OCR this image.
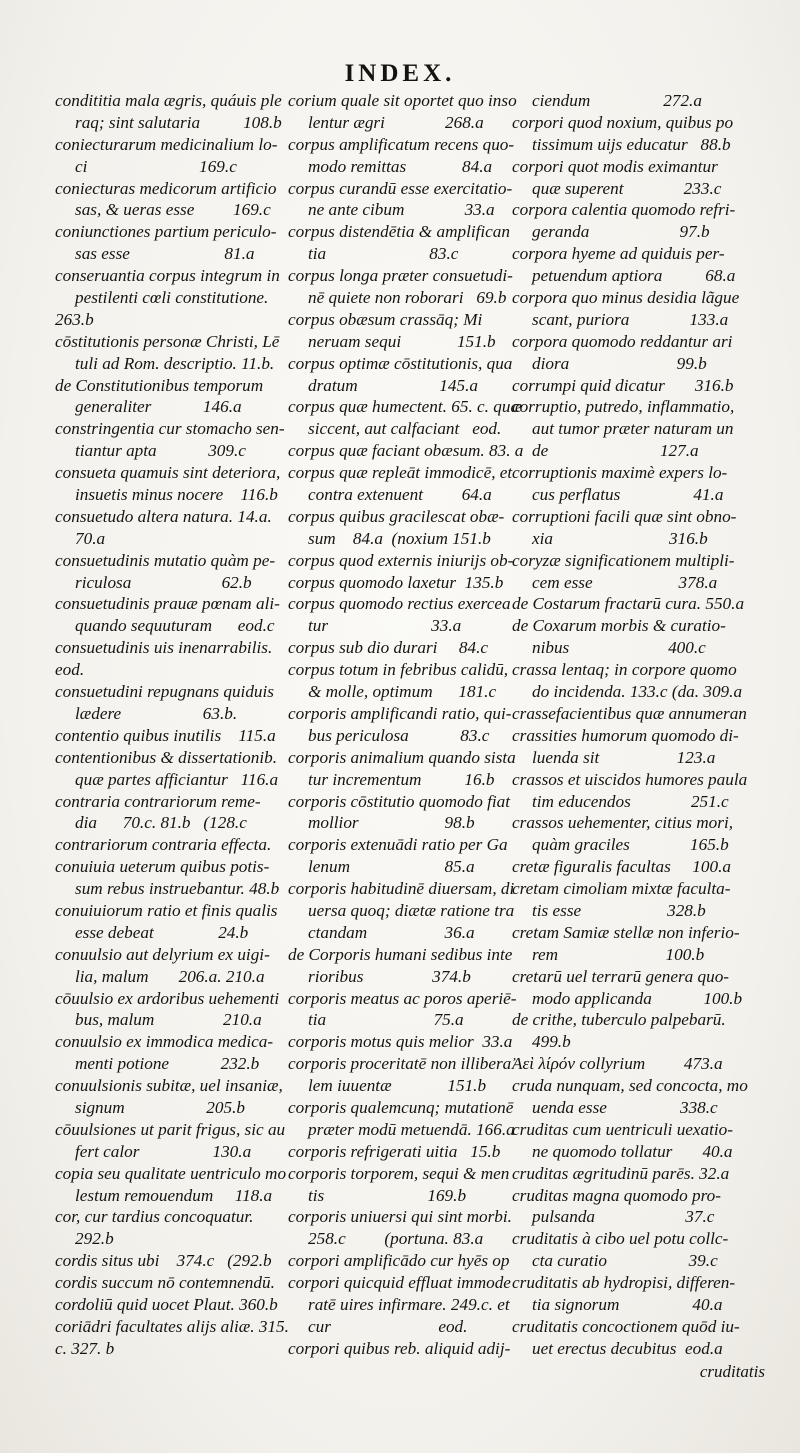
INDEX.
condititia mala ægris, quáuis ple
raq; sint salutaria          108.b
coniecturarum medicinalium lo-
ci                          169.c
coniecturas medicorum artificio
sas, & ueras esse         169.c
coniunctiones partium periculo-
sas esse                      81.a
conseruantia corpus integrum in
pestilenti cœli constitutione.
263.b
cōstitutionis personæ Christi, Lē
tuli ad Rom. descriptio. 11.b.
de Constitutionibus temporum
generaliter            146.a
constringentia cur stomacho sen-
tiantur apta            309.c
consueta quamuis sint deteriora,
insuetis minus nocere    116.b
consuetudo altera natura. 14.a.
70.a
consuetudinis mutatio quàm pe-
riculosa                     62.b
consuetudinis prauæ pœnam ali-
quando sequuturam      eod.c
consuetudinis uis inenarrabilis.
eod.
consuetudini repugnans quiduis
lædere                   63.b.
contentio quibus inutilis    115.a
contentionibus & dissertationib.
quæ partes afficiantur   116.a
contraria contrariorum reme-
dia      70.c. 81.b   (128.c
contrariorum contraria effecta.
conuiuia ueterum quibus potis-
sum rebus instruebantur. 48.b
conuiuiorum ratio et finis qualis
esse debeat               24.b
conuulsio aut delyrium ex uigi-
lia, malum       206.a. 210.a
cōuulsio ex ardoribus uehementi
bus, malum                210.a
conuulsio ex immodica medica-
menti potione            232.b
conuulsionis subitæ, uel insaniæ,
signum                   205.b
cōuulsiones ut parit frigus, sic au
fert calor                 130.a
copia seu qualitate uentriculo mo
lestum remouendum     118.a
cor, cur tardius concoquatur.
292.b
cordis situs ubi    374.c   (292.b
cordis succum nō contemnendū.
cordoliū quid uocet Plaut. 360.b
coriādri facultates alijs aliæ. 315.
c. 327. b
corium quale sit oportet quo inso
lentur ægri              268.a
corpus amplificatum recens quo-
modo remittas             84.a
corpus curandū esse exercitatio-
ne ante cibum              33.a
corpus distendētia & amplifican
tia                        83.c
corpus longa præter consuetudi-
nē quiete non roborari   69.b
corpus obæsum crassāq; Mi
neruam sequi             151.b
corpus optimæ cōstitutionis, qua
dratum                   145.a
corpus quæ humectent. 65. c. quæ
siccent, aut calfaciant   eod.
corpus quæ faciant obæsum. 83. a
corpus quæ repleāt immodicē, et
contra extenuent         64.a
corpus quibus gracilescat obæ-
sum    84.a  (noxium 151.b
corpus quod externis iniurijs ob-
corpus quomodo laxetur  135.b
corpus quomodo rectius exercea
tur                        33.a
corpus sub dio durari     84.c
corpus totum in febribus calidū,
& molle, optimum      181.c
corporis amplificandi ratio, qui-
bus periculosa            83.c
corporis animalium quando sista
tur incrementum          16.b
corporis cōstitutio quomodo fiat
mollior                    98.b
corporis extenuādi ratio per Ga
lenum                      85.a
corporis habitudinē diuersam, di
uersa quoq; diætæ ratione tra
ctandam                  36.a
de Corporis humani sedibus inte
rioribus                374.b
corporis meatus ac poros aperiē-
tia                         75.a
corporis motus quis melior  33.a
corporis proceritatē non illibera
lem iuuentæ             151.b
corporis qualemcunq; mutationē
præter modū metuendā. 166.a
corporis refrigerati uitia   15.b
corporis torporem, sequi & men
tis                        169.b
corporis uniuersi qui sint morbi.
258.c         (portuna. 83.a
corpori amplificādo cur hyēs op
corpori quicquid effluat immode
ratē uires infirmare. 249.c. et
cur                         eod.
corpori quibus reb. aliquid adij-
ciendum                 272.a
corpori quod noxium, quibus po
tissimum uijs educatur   88.b
corpori quot modis eximantur
quæ superent              233.c
corpora calentia quomodo refri-
geranda                     97.b
corpora hyeme ad quiduis per-
petuendum aptiora          68.a
corpora quo minus desidia lãgue
scant, puriora              133.a
corpora quomodo reddantur ari
diora                         99.b
corrumpi quid dicatur       316.b
corruptio, putredo, inflammatio,
aut tumor præter naturam un
de                          127.a
corruptionis maximè expers lo-
cus perflatus                 41.a
corruptioni facili quæ sint obno-
xia                           316.b
coryzæ significationem multipli-
cem esse                    378.a
de Costarum fractarū cura. 550.a
de Coxarum morbis & curatio-
nibus                       400.c
crassa lentaq; in corpore quomo
do incidenda. 133.c (da. 309.a
crassefacientibus quæ annumeran
crassities humorum quomodo di-
luenda sit                  123.a
crassos et uiscidos humores paula
tim educendos              251.c
crassos uehementer, citius mori,
quàm graciles              165.b
cretæ figuralis facultas     100.a
cretam cimoliam mixtæ faculta-
tis esse                    328.b
cretam Samiæ stellæ non inferio-
rem                         100.b
cretarū uel terrarū genera quo-
modo applicanda            100.b
de crithe, tuberculo palpebarū.
499.b
Ἀεὶ λίρόν collyrium         473.a
cruda nunquam, sed concocta, mo
uenda esse                 338.c
cruditas cum uentriculi uexatio-
ne quomodo tollatur       40.a
cruditas ægritudinū parēs. 32.a
cruditas magna quomodo pro-
pulsanda                     37.c
cruditatis à cibo uel potu collc-
cta curatio                   39.c
cruditatis ab hydropisi, differen-
tia signorum                 40.a
cruditatis concoctionem quōd iu-
uet erectus decubitus  eod.a
cruditatis
